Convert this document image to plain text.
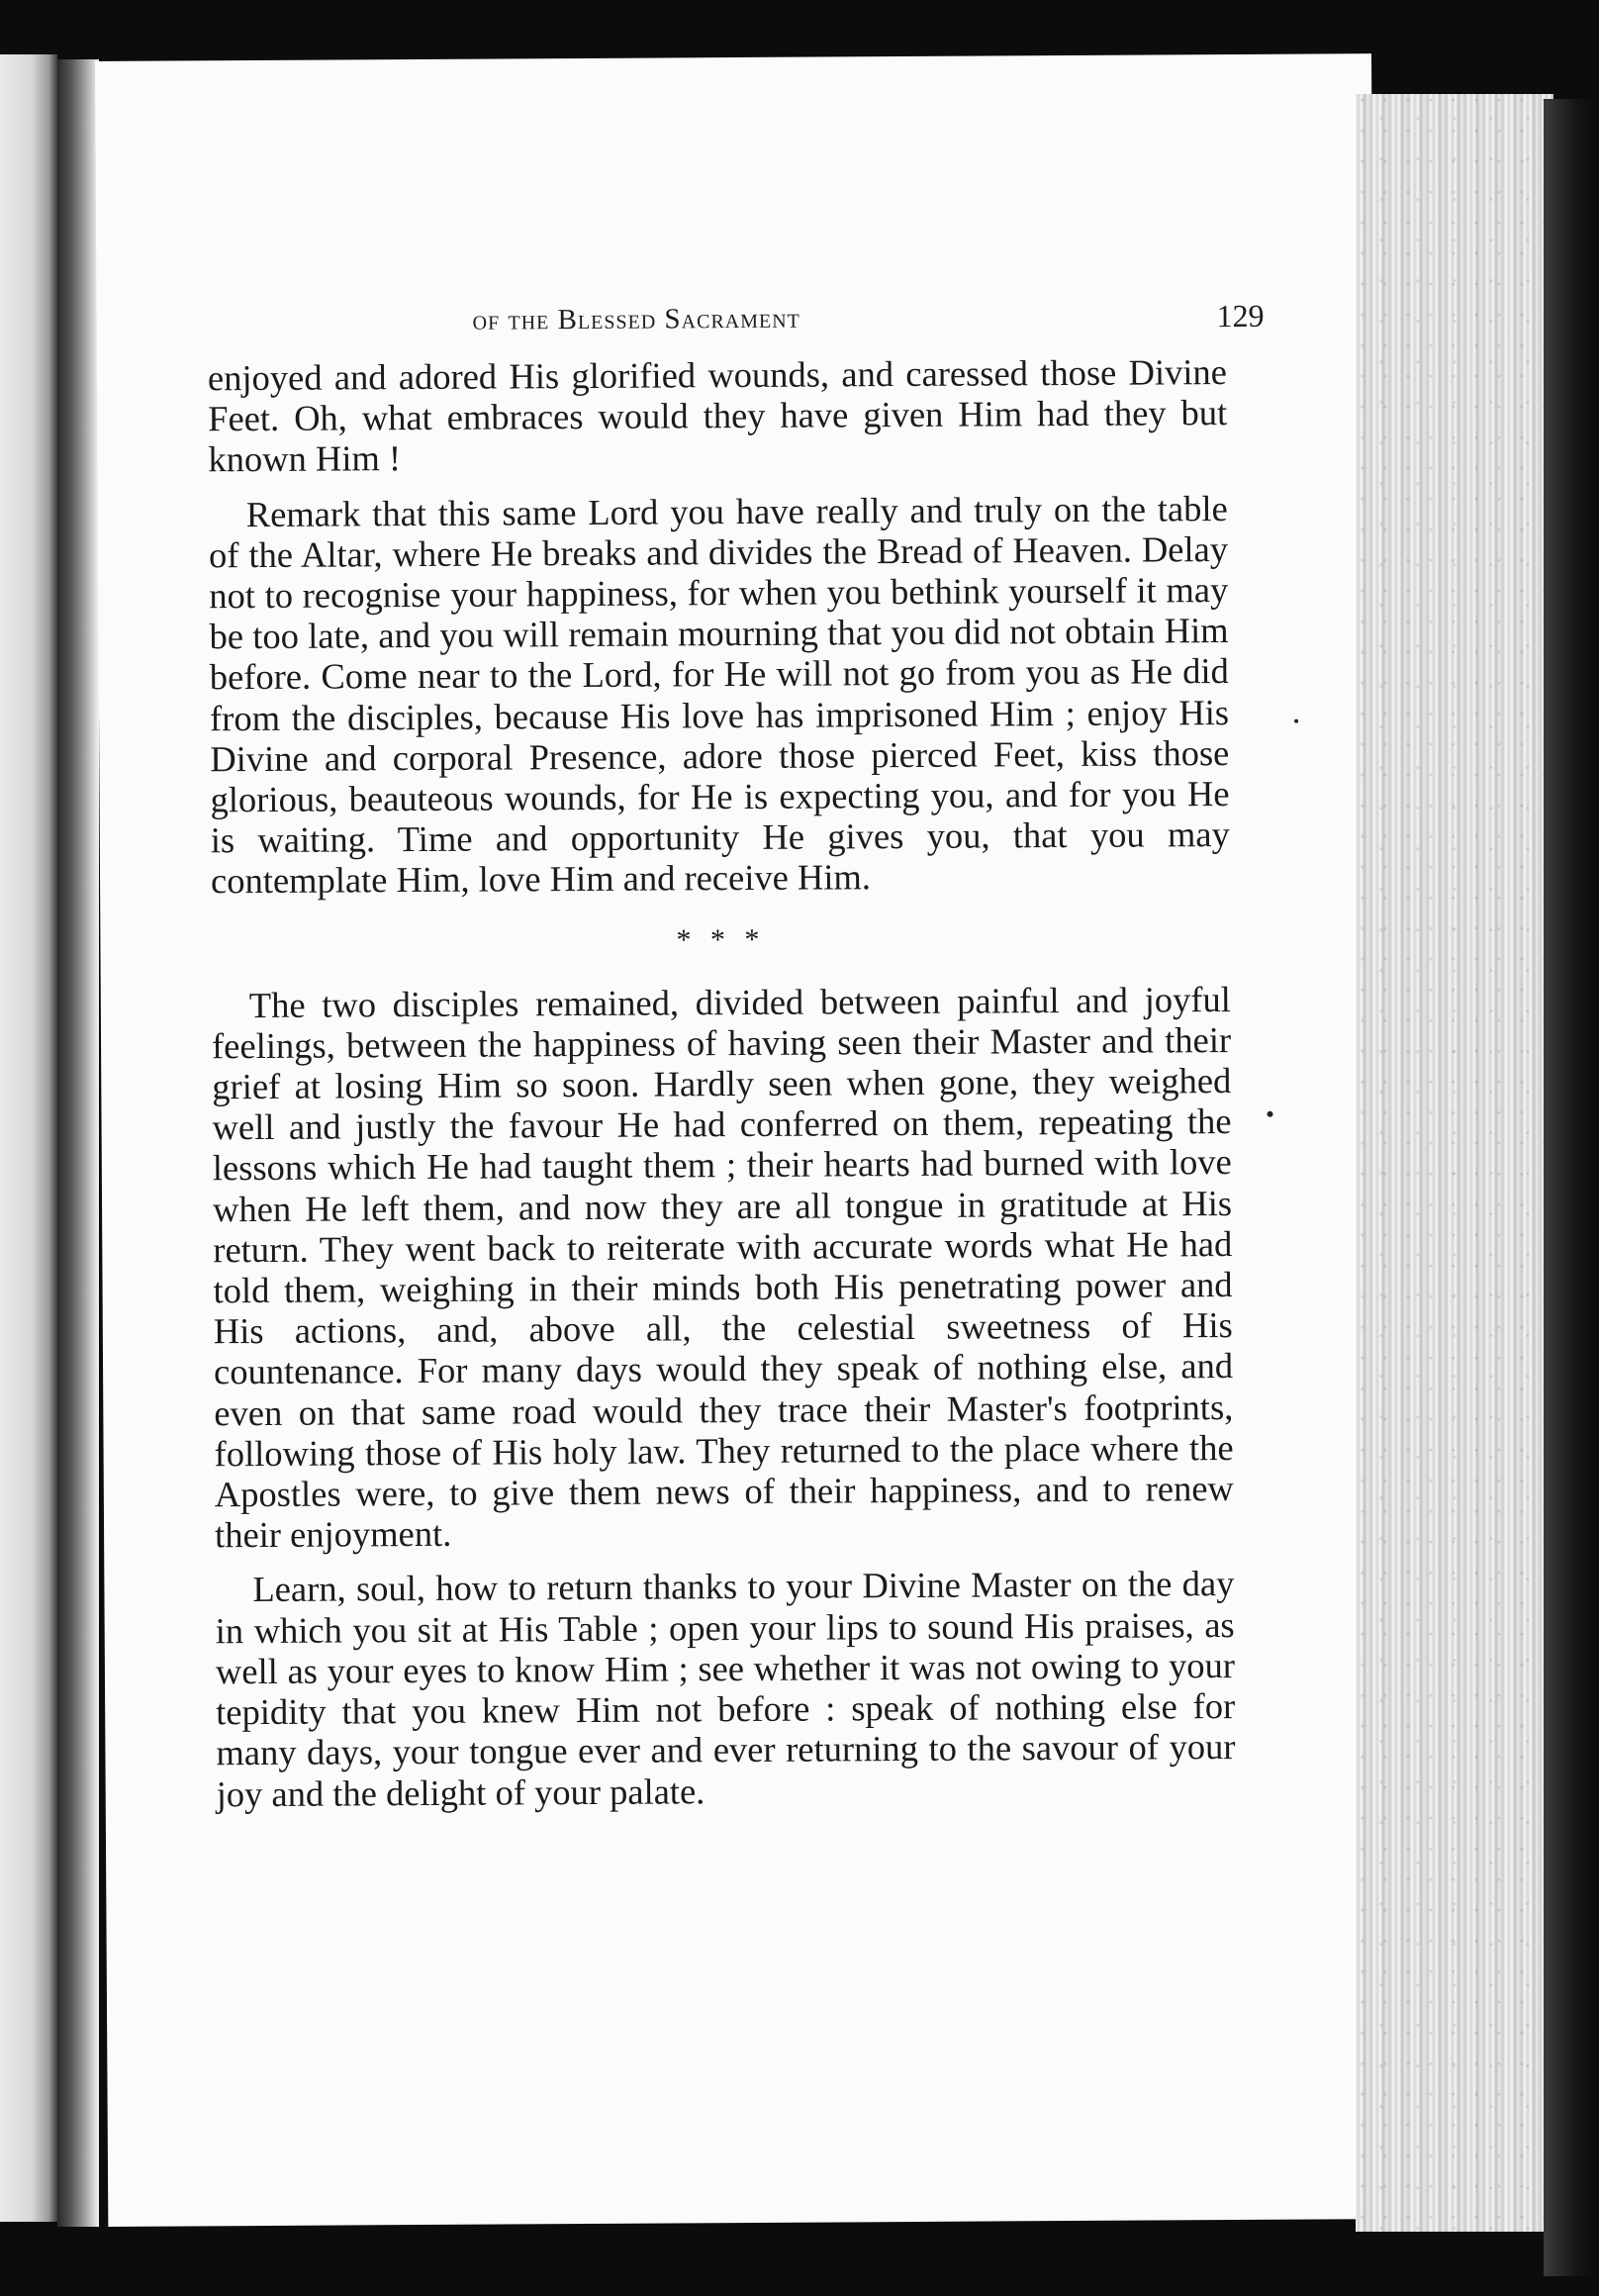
of the Blessed Sacrament	129

enjoyed and adored His glorified wounds, and caressed those Divine Feet. Oh, what embraces would they have given Him had they but known Him !

Remark that this same Lord you have really and truly on the table of the Altar, where He breaks and divides the Bread of Heaven. Delay not to recognise your happiness, for when you bethink yourself it may be too late, and you will remain mourning that you did not obtain Him before. Come near to the Lord, for He will not go from you as He did from the disciples, because His love has imprisoned Him ; enjoy His Divine and corporal Presence, adore those pierced Feet, kiss those glorious, beauteous wounds, for He is expecting you, and for you He is waiting. Time and opportunity He gives you, that you may contemplate Him, love Him and receive Him.

* * *

The two disciples remained, divided between painful and joyful feelings, between the happiness of having seen their Master and their grief at losing Him so soon. Hardly seen when gone, they weighed well and justly the favour He had conferred on them, repeating the lessons which He had taught them ; their hearts had burned with love when He left them, and now they are all tongue in gratitude at His return. They went back to reiterate with accurate words what He had told them, weighing in their minds both His penetrating power and His actions, and, above all, the celestial sweetness of His countenance. For many days would they speak of nothing else, and even on that same road would they trace their Master's footprints, following those of His holy law. They returned to the place where the Apostles were, to give them news of their happiness, and to renew their enjoyment.

Learn, soul, how to return thanks to your Divine Master on the day in which you sit at His Table ; open your lips to sound His praises, as well as your eyes to know Him ; see whether it was not owing to your tepidity that you knew Him not before : speak of nothing else for many days, your tongue ever and ever returning to the savour of your joy and the delight of your palate.
